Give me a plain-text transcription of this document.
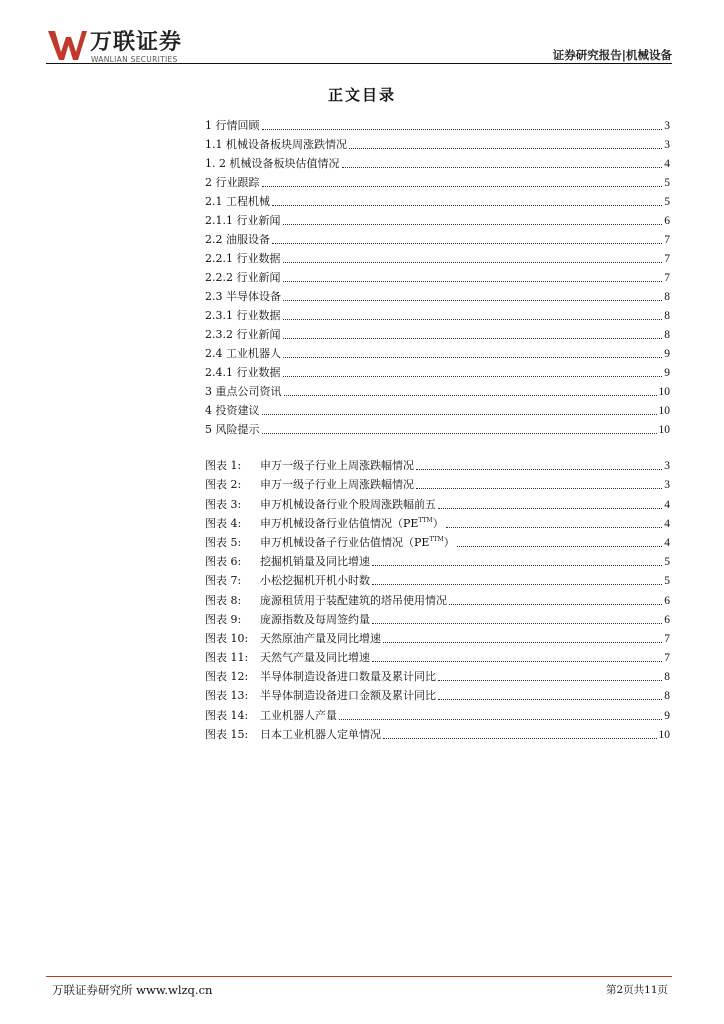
万联证券
WANLIAN SECURITIES	证券研究报告|机械设备
正文目录
1 行情回顾	3
1.1 机械设备板块周涨跌情况	3
1. 2 机械设备板块估值情况	4
2 行业跟踪	5
2.1 工程机械	5
2.1.1 行业新闻	6
2.2 油服设备	7
2.2.1 行业数据	7
2.2.2 行业新闻	7
2.3 半导体设备	8
2.3.1 行业数据	8
2.3.2 行业新闻	8
2.4 工业机器人	9
2.4.1 行业数据	9
3 重点公司资讯	10
4 投资建议	10
5 风险提示	10
图表 1: 申万一级子行业上周涨跌幅情况	3
图表 2: 申万一级子行业上周涨跌幅情况	3
图表 3: 申万机械设备行业个股周涨跌幅前五	4
图表 4: 申万机械设备行业估值情况$(PE^{TTM})$	4
图表 5: 申万机械设备子行业估值情况$(PE^{TTM})$	4
图表 6: 挖掘机销量及同比增速	5
图表 7: 小松挖掘机开机小时数	5
图表 8: 庞源租赁用于装配建筑的塔吊使用情况	6
图表 9: 庞源指数及每周签约量	6
图表 10: 天然原油产量及同比增速	7
图表 11: 天然气产量及同比增速	7
图表 12: 半导体制造设备进口数量及累计同比	8
图表 13: 半导体制造设备进口金额及累计同比	8
图表 14: 工业机器人产量	9
图表 15: 日本工业机器人定单情况	10
万联证券研究所 www.wlzq.cn	第2页共11页
